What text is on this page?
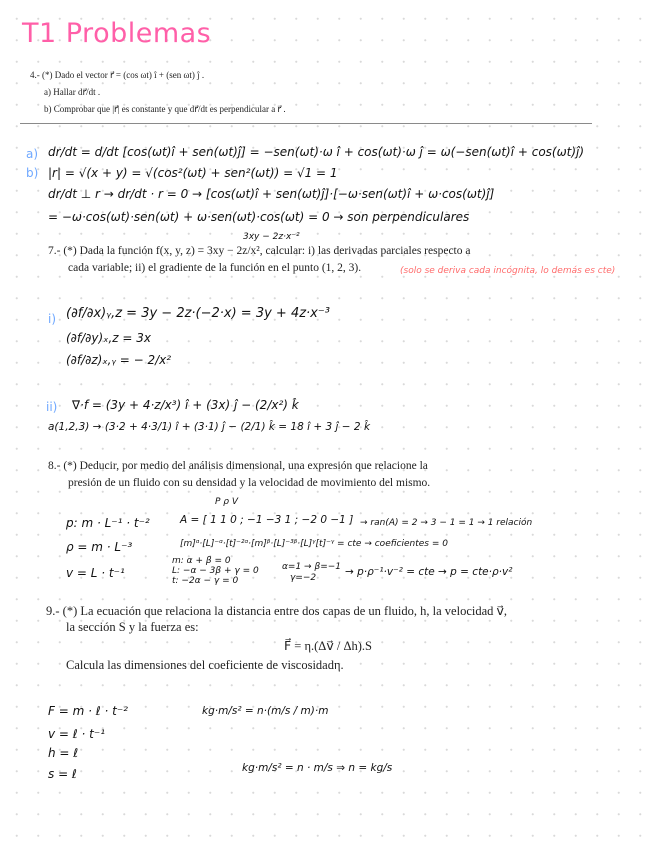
T1 Problemas
4.- (*) Dado el vector r⃗ = (cos ωt) î + (sen ωt) ĵ .
a) Hallar dr⃗/dt .
b) Comprobar que |r⃗| es constante y que dr⃗/dt es perpendicular a r⃗ .
a) dr/dt = d/dt [cos(ωt)î + sen(ωt)ĵ] = −sen(ωt)·ω î + cos(ωt)·ω ĵ = ω(−sen(ωt)î + cos(ωt)ĵ)
b) |r| = √(x + y) = √(cos²(ωt) + sen²(ωt)) = √1 = 1
dr/dt ⊥ r → dr/dt · r = 0 → [cos(ωt)î + sen(ωt)ĵ]·[−ω·sen(ωt)î + ω·cos(ωt)ĵ]
= −ω·cos(ωt)·sen(ωt) + ω·sen(ωt)·cos(ωt) = 0 → son perpendiculares
3xy − 2z·x⁻²
7.- (*) Dada la función f(x, y, z) = 3xy − 2z/x², calcular: i) las derivadas parciales respecto a
cada variable; ii) el gradiente de la función en el punto (1, 2, 3).	(solo se deriva cada incógnita, lo demás es cte)
i) (∂f/∂x)ᵧ,z = 3y − 2z·(−2·x) = 3y + 4z·x⁻³
(∂f/∂y)ₓ,z = 3x
(∂f/∂z)ₓ,ᵧ = − 2/x²
ii) ∇·f = (3y + 4·z/x³) î + (3x) ĵ − (2/x²) k̂
a(1,2,3) → (3·2 + 4·3/1) î + (3·1) ĵ − (2/1) k̂ = 18 î + 3 ĵ − 2 k̂
8.- (*) Deducir, por medio del análisis dimensional, una expresión que relacione la
presión de un fluido con su densidad y la velocidad de movimiento del mismo.
P ρ V
p: m · L⁻¹ · t⁻²	A = [ 1 1 0 ; −1 −3 1 ; −2 0 −1 ] → ran(A) = 2 → 3 − 1 = 1 → 1 relación
ρ = m · L⁻³	[m]ᵅ·[L]⁻ᵅ·[t]⁻²ᵅ·[m]ᵝ·[L]⁻³ᵝ·[L]ᵞ[t]⁻ᵞ = cte → coeficientes = 0
v = L · t⁻¹
m: α + β = 0
L: −α − 3β + γ = 0
t: −2α − γ = 0
α=1 → β=−1
γ=−2	→ p·ρ⁻¹·v⁻² = cte → p = cte·ρ·v²
9.- (*) La ecuación que relaciona la distancia entre dos capas de un fluido, h, la velocidad v⃗,
la sección S y la fuerza es:
F⃗ = η.(Δv⃗ / Δh).S
Calcula las dimensiones del coeficiente de viscosidadη.
F = m · ℓ · t⁻²
v = ℓ · t⁻¹
h = ℓ
s = ℓ
kg·m/s² = n·(m/s / m)·m
kg·m/s² = n · m/s ⇒ n = kg/s
